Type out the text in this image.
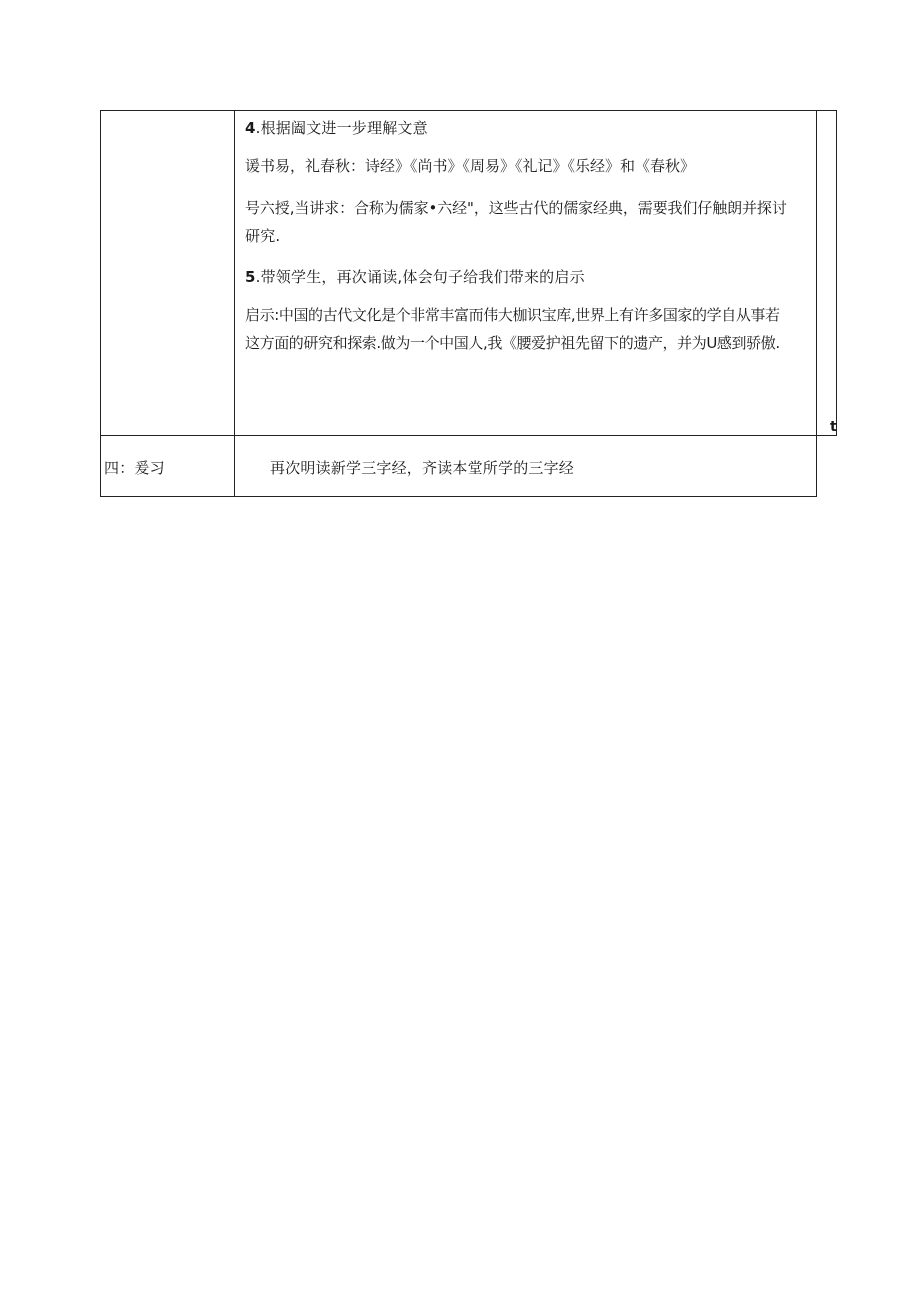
4.根据阖文进一步理解文意
谖书易，礼春秋：诗经》《尚书》《周易》《礼记》《乐经》和《春秋》
号六授,当讲求：合称为儒家•六经"，这些古代的儒家经典，需要我们仔触朗并探讨
研究.
5.带领学生，再次诵读,体会句子给我们带来的启示
启示:中国的古代文化是个非常丰富而伟大枷识宝库,世界上有许多国家的学自从事若
这方面的研究和探索.做为一个中国人,我《腰爱护祖先留下的遗产，并为U感到骄傲.
t
四：爰习	再次明读新学三字经，齐读本堂所学的三字经
